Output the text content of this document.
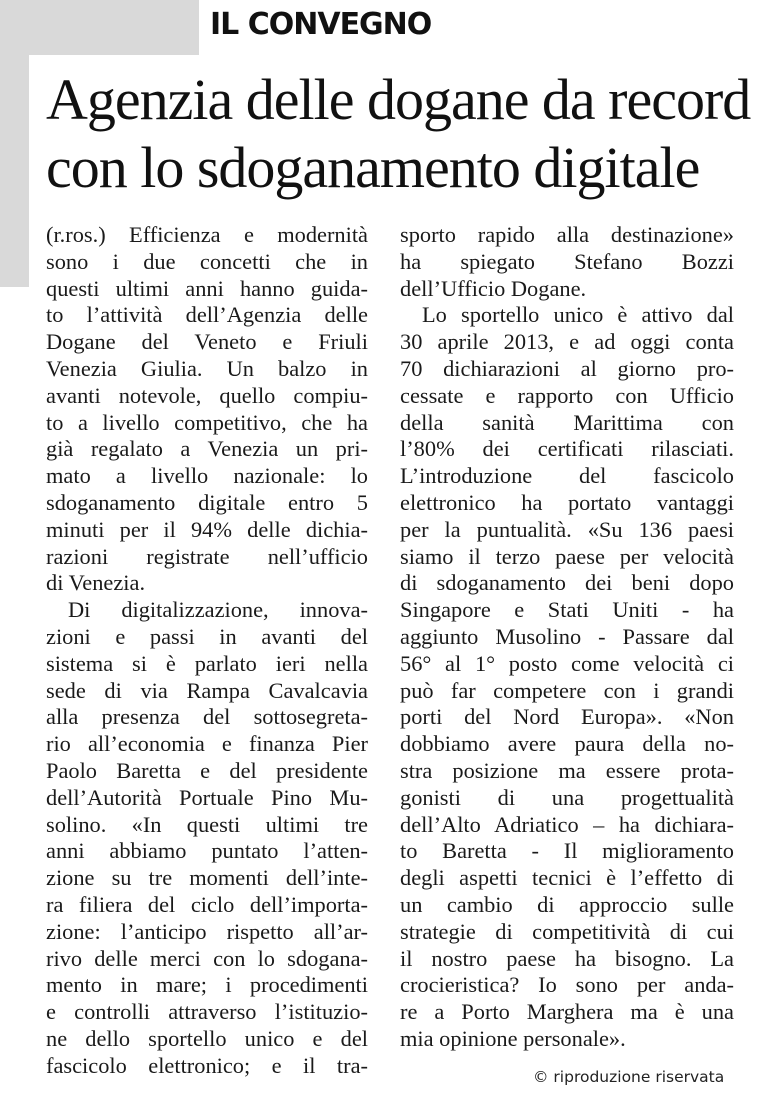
IL CONVEGNO
Agenzia delle dogane da record
con lo sdoganamento digitale
(r.ros.) Efficienza e modernità
sono i due concetti che in
questi ultimi anni hanno guida-
to l’attività dell’Agenzia delle
Dogane del Veneto e Friuli
Venezia Giulia. Un balzo in
avanti notevole, quello compiu-
to a livello competitivo, che ha
già regalato a Venezia un pri-
mato a livello nazionale: lo
sdoganamento digitale entro 5
minuti per il 94% delle dichia-
razioni registrate nell’ufficio
di Venezia.
Di digitalizzazione, innova-
zioni e passi in avanti del
sistema si è parlato ieri nella
sede di via Rampa Cavalcavia
alla presenza del sottosegreta-
rio all’economia e finanza Pier
Paolo Baretta e del presidente
dell’Autorità Portuale Pino Mu-
solino. «In questi ultimi tre
anni abbiamo puntato l’atten-
zione su tre momenti dell’inte-
ra filiera del ciclo dell’importa-
zione: l’anticipo rispetto all’ar-
rivo delle merci con lo sdogana-
mento in mare; i procedimenti
e controlli attraverso l’istituzio-
ne dello sportello unico e del
fascicolo elettronico; e il tra-
sporto rapido alla destinazione»
ha spiegato Stefano Bozzi
dell’Ufficio Dogane.
Lo sportello unico è attivo dal
30 aprile 2013, e ad oggi conta
70 dichiarazioni al giorno pro-
cessate e rapporto con Ufficio
della sanità Marittima con
l’80% dei certificati rilasciati.
L’introduzione del fascicolo
elettronico ha portato vantaggi
per la puntualità. «Su 136 paesi
siamo il terzo paese per velocità
di sdoganamento dei beni dopo
Singapore e Stati Uniti - ha
aggiunto Musolino - Passare dal
56° al 1° posto come velocità ci
può far competere con i grandi
porti del Nord Europa». «Non
dobbiamo avere paura della no-
stra posizione ma essere prota-
gonisti di una progettualità
dell’Alto Adriatico – ha dichiara-
to Baretta - Il miglioramento
degli aspetti tecnici è l’effetto di
un cambio di approccio sulle
strategie di competitività di cui
il nostro paese ha bisogno. La
crocieristica? Io sono per anda-
re a Porto Marghera ma è una
mia opinione personale».
© riproduzione riservata
